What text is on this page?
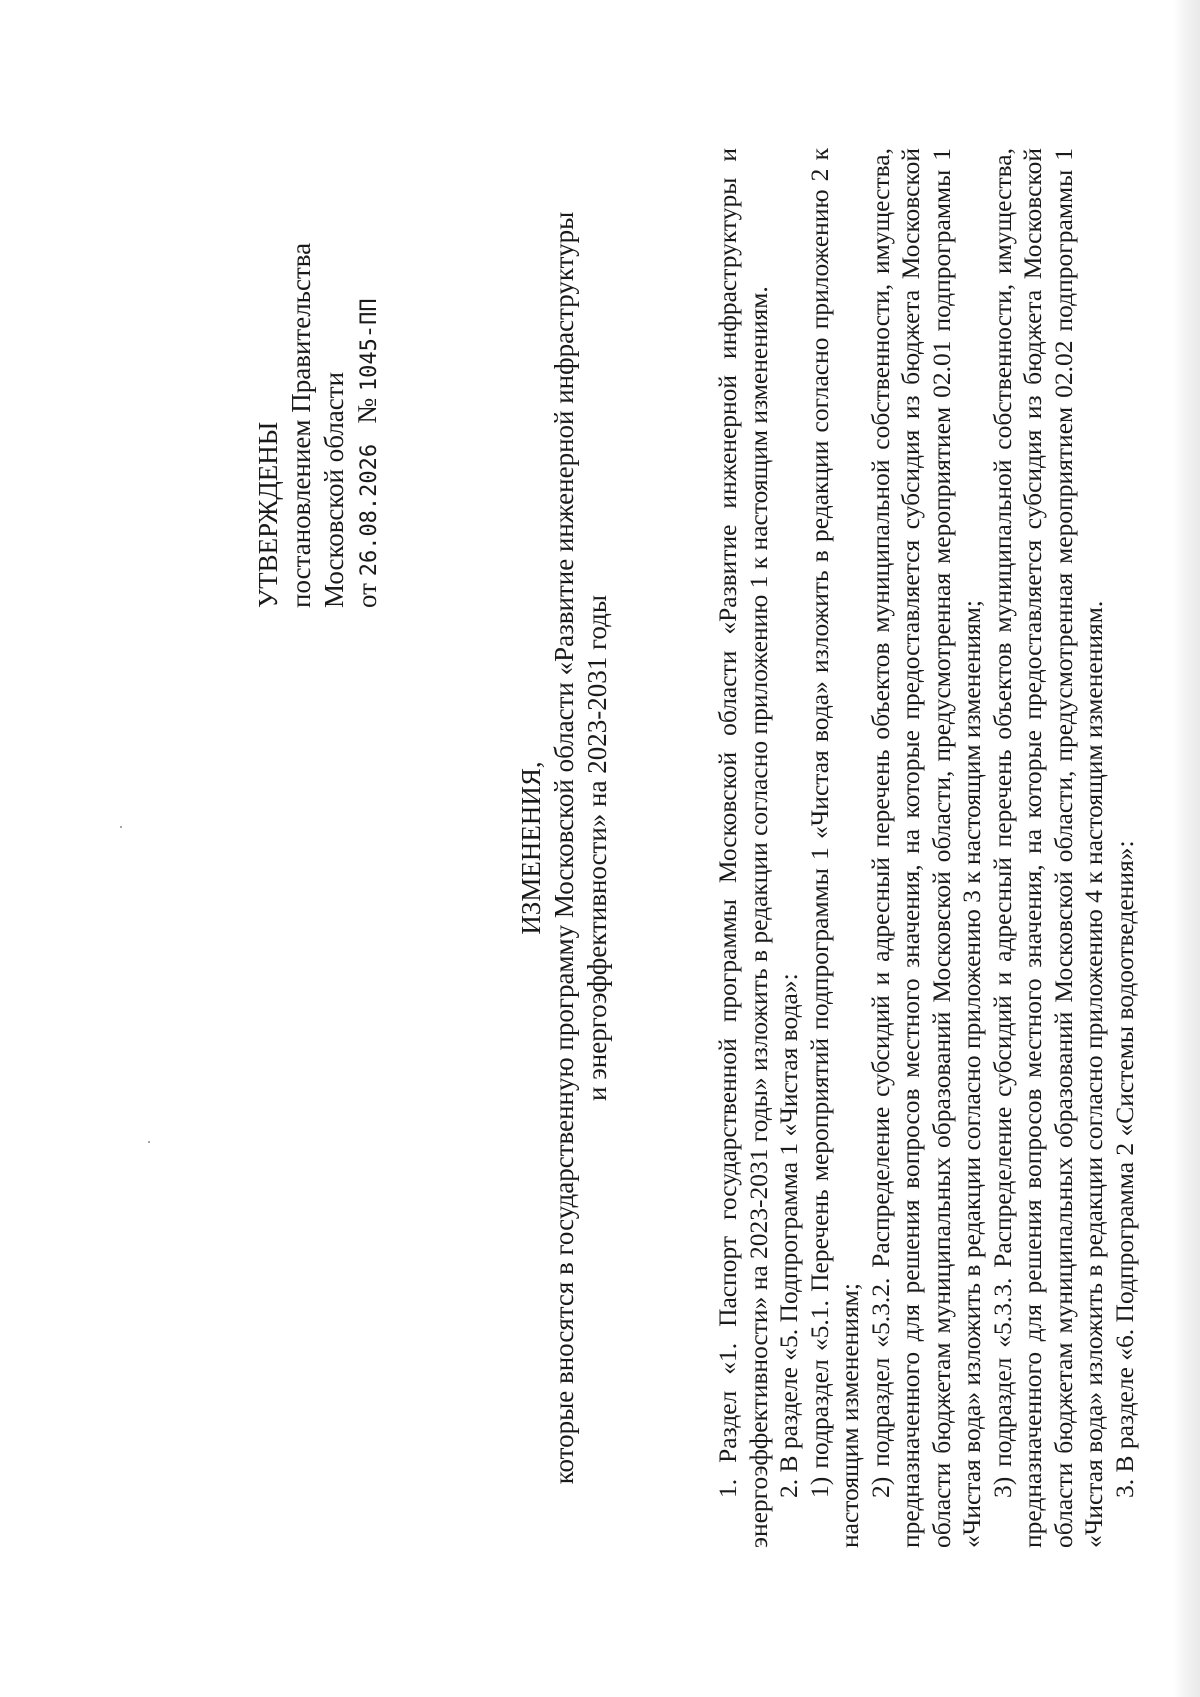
УТВЕРЖДЕНЫ постановлением Правительства Московской области от 26.08.2026   № 1045-ПП
ИЗМЕНЕНИЯ, которые вносятся в государственную программу Московской области «Развитие инженерной инфраструктуры и энергоэффективности» на 2023-2031 годы	1. Раздел «1. Паспорт государственной программы Московской области «Развитие инженерной инфраструктуры и энергоэффективности» на 2023-2031 годы» изложить в редакции согласно приложению 1 к настоящим изменениям. 2. В разделе «5. Подпрограмма 1 «Чистая вода»: 1) подраздел «5.1. Перечень мероприятий подпрограммы 1 «Чистая вода» изложить в редакции согласно приложению 2 к настоящим изменениям; 2) подраздел «5.3.2. Распределение субсидий и адресный перечень объектов муниципальной собственности, имущества, предназначенного для решения вопросов местного значения, на которые предоставляется субсидия из бюджета Московской области бюджетам муниципальных образований Московской области, предусмотренная мероприятием 02.01 подпрограммы 1 «Чистая вода» изложить в редакции согласно приложению 3 к настоящим изменениям; 3) подраздел «5.3.3. Распределение субсидий и адресный перечень объектов муниципальной собственности, имущества, предназначенного для решения вопросов местного значения, на которые предоставляется субсидия из бюджета Московской области бюджетам муниципальных образований Московской области, предусмотренная мероприятием 02.02 подпрограммы 1 «Чистая вода» изложить в редакции согласно приложению 4 к настоящим изменениям. 3. В разделе «6. Подпрограмма 2 «Системы водоотведения»:
